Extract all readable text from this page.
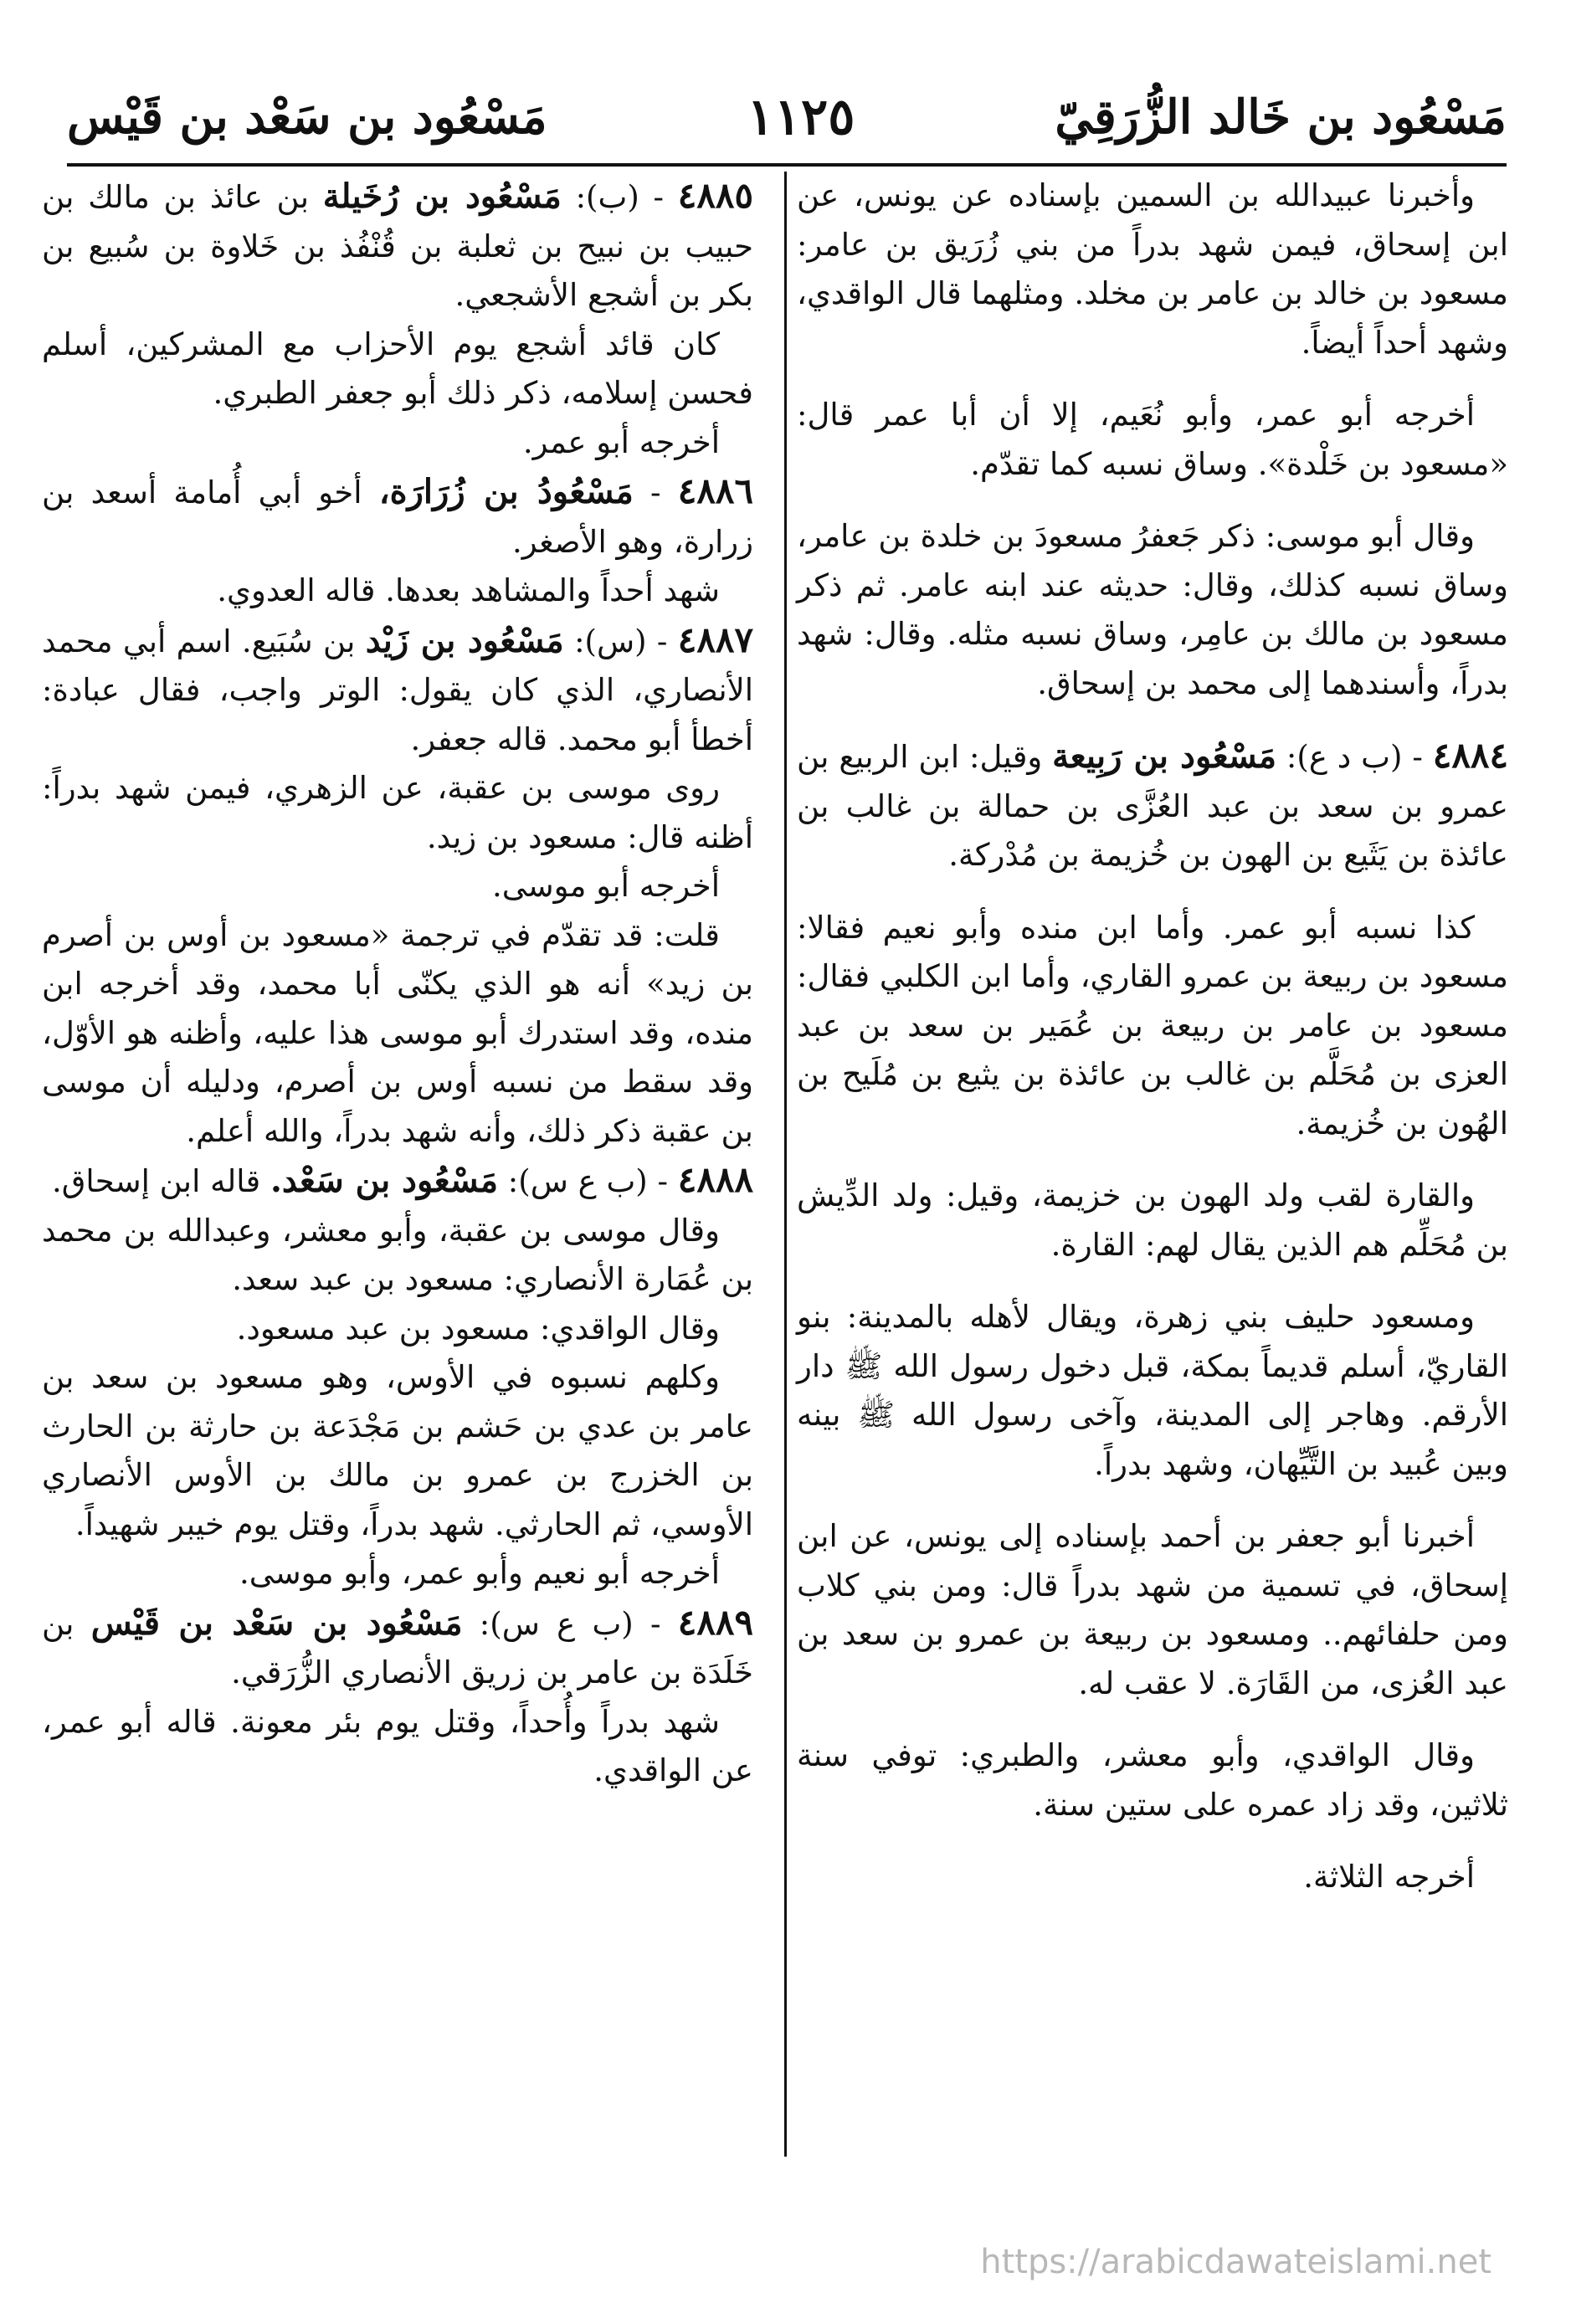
مَسْعُود بن خَالد الزُّرَقِيّ
١١٢٥
مَسْعُود بن سَعْد بن قَيْس

وأخبرنا عبيدالله بن السمين بإسناده عن يونس، عن ابن إسحاق، فيمن شهد بدراً من بني زُرَيق بن عامر: مسعود بن خالد بن عامر بن مخلد. ومثلهما قال الواقدي، وشهد أحداً أيضاً.

أخرجه أبو عمر، وأبو نُعَيم، إلا أن أبا عمر قال: «مسعود بن خَلْدة». وساق نسبه كما تقدّم.

وقال أبو موسى: ذكر جَعفرُ مسعودَ بن خلدة بن عامر، وساق نسبه كذلك، وقال: حديثه عند ابنه عامر. ثم ذكر مسعود بن مالك بن عامِر، وساق نسبه مثله. وقال: شهد بدراً، وأسندهما إلى محمد بن إسحاق.

٤٨٨٤ - (ب د ع): مَسْعُود بن رَبِيعة وقيل: ابن الربيع بن عمرو بن سعد بن عبد العُزَّى بن حمالة بن غالب بن عائذة بن يَثَيع بن الهون بن خُزيمة بن مُدْركة.

كذا نسبه أبو عمر. وأما ابن منده وأبو نعيم فقالا: مسعود بن ربيعة بن عمرو القاري، وأما ابن الكلبي فقال: مسعود بن عامر بن ربيعة بن عُمَير بن سعد بن عبد العزى بن مُحَلَّم بن غالب بن عائذة بن يثيع بن مُلَيح بن الهُون بن خُزيمة.

والقارة لقب ولد الهون بن خزيمة، وقيل: ولد الدِّيش بن مُحَلِّم هم الذين يقال لهم: القارة.

ومسعود حليف بني زهرة، ويقال لأهله بالمدينة: بنو القاريّ، أسلم قديماً بمكة، قبل دخول رسول الله ﷺ دار الأرقم. وهاجر إلى المدينة، وآخى رسول الله ﷺ بينه وبين عُبيد بن التَّيِّهان، وشهد بدراً.

أخبرنا أبو جعفر بن أحمد بإسناده إلى يونس، عن ابن إسحاق، في تسمية من شهد بدراً قال: ومن بني كلاب ومن حلفائهم.. ومسعود بن ربيعة بن عمرو بن سعد بن عبد العُزى، من القَارَة. لا عقب له.

وقال الواقدي، وأبو معشر، والطبري: توفي سنة ثلاثين، وقد زاد عمره على ستين سنة.

أخرجه الثلاثة.

٤٨٨٥ - (ب): مَسْعُود بن رُخَيلة بن عائذ بن مالك بن حبيب بن نبيح بن ثعلبة بن قُنْفُذ بن خَلاوة بن سُبيع بن بكر بن أشجع الأشجعي.

كان قائد أشجع يوم الأحزاب مع المشركين، أسلم فحسن إسلامه، ذكر ذلك أبو جعفر الطبري.

أخرجه أبو عمر.

٤٨٨٦ - مَسْعُودُ بن زُرَارَة، أخو أبي أُمامة أسعد بن زرارة، وهو الأصغر.

شهد أحداً والمشاهد بعدها. قاله العدوي.

٤٨٨٧ - (س): مَسْعُود بن زَيْد بن سُبَيع. اسم أبي محمد الأنصاري، الذي كان يقول: الوتر واجب، فقال عبادة: أخطأ أبو محمد. قاله جعفر.

روى موسى بن عقبة، عن الزهري، فيمن شهد بدراً: أظنه قال: مسعود بن زيد.

أخرجه أبو موسى.

قلت: قد تقدّم في ترجمة «مسعود بن أوس بن أصرم بن زيد» أنه هو الذي يكنّى أبا محمد، وقد أخرجه ابن منده، وقد استدرك أبو موسى هذا عليه، وأظنه هو الأوّل، وقد سقط من نسبه أوس بن أصرم، ودليله أن موسى بن عقبة ذكر ذلك، وأنه شهد بدراً، والله أعلم.

٤٨٨٨ - (ب ع س): مَسْعُود بن سَعْد. قاله ابن إسحاق.

وقال موسى بن عقبة، وأبو معشر، وعبدالله بن محمد بن عُمَارة الأنصاري: مسعود بن عبد سعد.

وقال الواقدي: مسعود بن عبد مسعود.

وكلهم نسبوه في الأوس، وهو مسعود بن سعد بن عامر بن عدي بن حَشم بن مَجْدَعة بن حارثة بن الحارث بن الخزرج بن عمرو بن مالك بن الأوس الأنصاري الأوسي، ثم الحارثي. شهد بدراً، وقتل يوم خيبر شهيداً.

أخرجه أبو نعيم وأبو عمر، وأبو موسى.

٤٨٨٩ - (ب ع س): مَسْعُود بن سَعْد بن قَيْس بن خَلَدَة بن عامر بن زريق الأنصاري الزُّرَقي.

شهد بدراً وأُحداً، وقتل يوم بئر معونة. قاله أبو عمر، عن الواقدي.

https://arabicdawateislami.net
